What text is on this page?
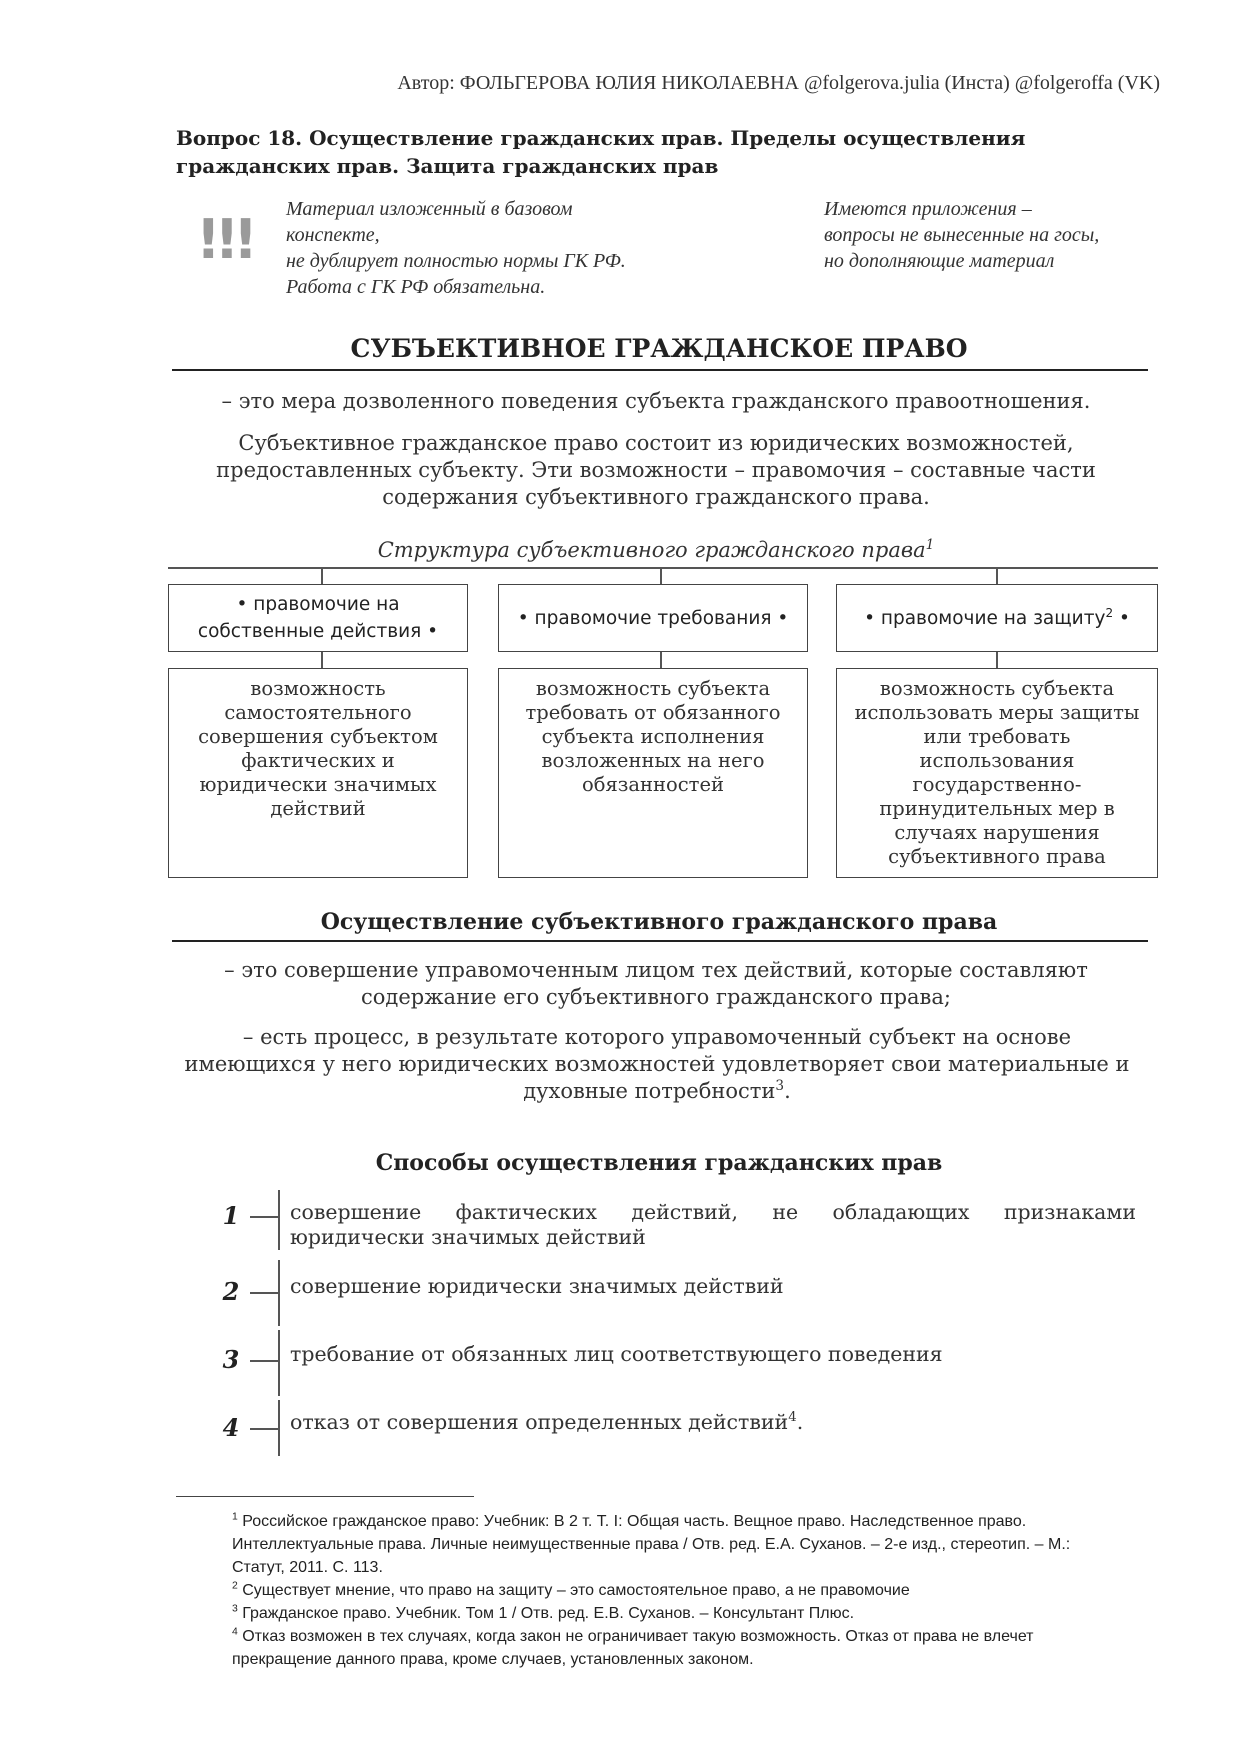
Автор: ФОЛЬГЕРОВА ЮЛИЯ НИКОЛАЕВНА @folgerova.julia (Инста) @folgeroffa (VK)
Вопрос 18. Осуществление гражданских прав. Пределы осуществления гражданских прав. Защита гражданских прав
!!! Материал изложенный в базовом
конспекте,
не дублирует полностью нормы ГК РФ.
Работа с ГК РФ обязательна.
Имеются приложения –
вопросы не вынесенные на госы,
но дополняющие материал
СУБЪЕКТИВНОЕ ГРАЖДАНСКОЕ ПРАВО
– это мера дозволенного поведения субъекта гражданского правоотношения.
Субъективное гражданское право состоит из юридических возможностей, предоставленных субъекту. Эти возможности – правомочия – составные части содержания субъективного гражданского права.
Структура субъективного гражданского права$^1$
• правомочие на собственные действия •
• правомочие требования •	• правомочие на защиту$^2$ •
возможность самостоятельного совершения субъектом фактических и юридически значимых действий
возможность субъекта требовать от обязанного субъекта исполнения возложенных на него обязанностей
возможность субъекта использовать меры защиты или требовать использования государственно-принудительных мер в случаях нарушения субъективного права
Осуществление субъективного гражданского права
– это совершение управомоченным лицом тех действий, которые составляют содержание его субъективного гражданского права;
– есть процесс, в результате которого управомоченный субъект на основе имеющихся у него юридических возможностей удовлетворяет свои материальные и духовные потребности$^3$.
Способы осуществления гражданских прав
1	совершение фактических действий, не обладающих признаками
юридически значимых действий
2	совершение юридически значимых действий
3	требование от обязанных лиц соответствующего поведения
4	отказ от совершения определенных действий$^4$.
$^1$ Российское гражданское право: Учебник: В 2 т. Т. I: Общая часть. Вещное право. Наследственное право. Интеллектуальные права. Личные неимущественные права / Отв. ред. Е.А. Суханов. – 2-е изд., стереотип. – М.: Статут, 2011. С. 113.
$^2$ Существует мнение, что право на защиту – это самостоятельное право, а не правомочие
$^3$ Гражданское право. Учебник. Том 1 / Отв. ред. Е.В. Суханов. – Консультант Плюс.
$^4$ Отказ возможен в тех случаях, когда закон не ограничивает такую возможность. Отказ от права не влечет прекращение данного права, кроме случаев, установленных законом.
